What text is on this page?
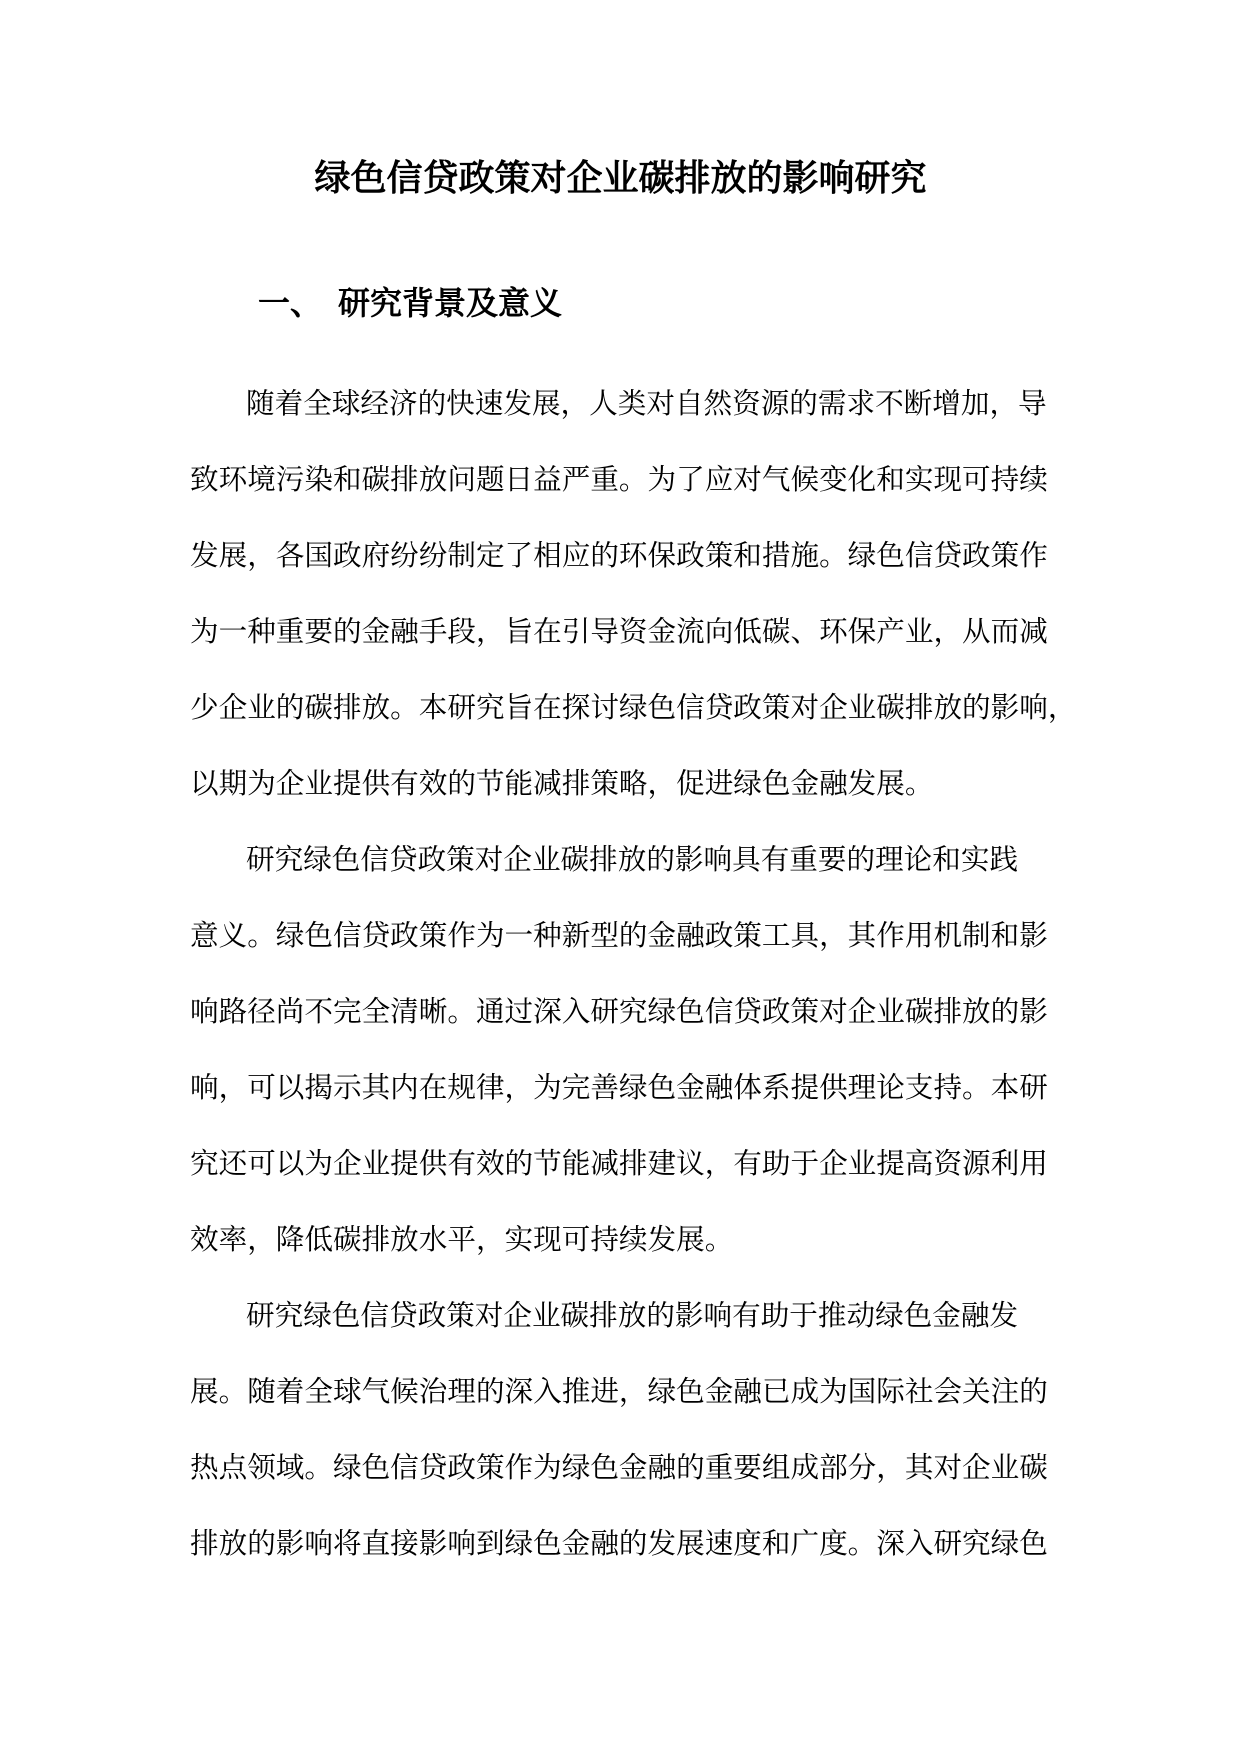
绿色信贷政策对企业碳排放的影响研究
一、 研究背景及意义
随着全球经济的快速发展，人类对自然资源的需求不断增加，导
致环境污染和碳排放问题日益严重。为了应对气候变化和实现可持续
发展，各国政府纷纷制定了相应的环保政策和措施。绿色信贷政策作
为一种重要的金融手段，旨在引导资金流向低碳、环保产业，从而减
少企业的碳排放。本研究旨在探讨绿色信贷政策对企业碳排放的影响，
以期为企业提供有效的节能减排策略，促进绿色金融发展。
研究绿色信贷政策对企业碳排放的影响具有重要的理论和实践
意义。绿色信贷政策作为一种新型的金融政策工具，其作用机制和影
响路径尚不完全清晰。通过深入研究绿色信贷政策对企业碳排放的影
响，可以揭示其内在规律，为完善绿色金融体系提供理论支持。本研
究还可以为企业提供有效的节能减排建议，有助于企业提高资源利用
效率，降低碳排放水平，实现可持续发展。
研究绿色信贷政策对企业碳排放的影响有助于推动绿色金融发
展。随着全球气候治理的深入推进，绿色金融已成为国际社会关注的
热点领域。绿色信贷政策作为绿色金融的重要组成部分，其对企业碳
排放的影响将直接影响到绿色金融的发展速度和广度。深入研究绿色
